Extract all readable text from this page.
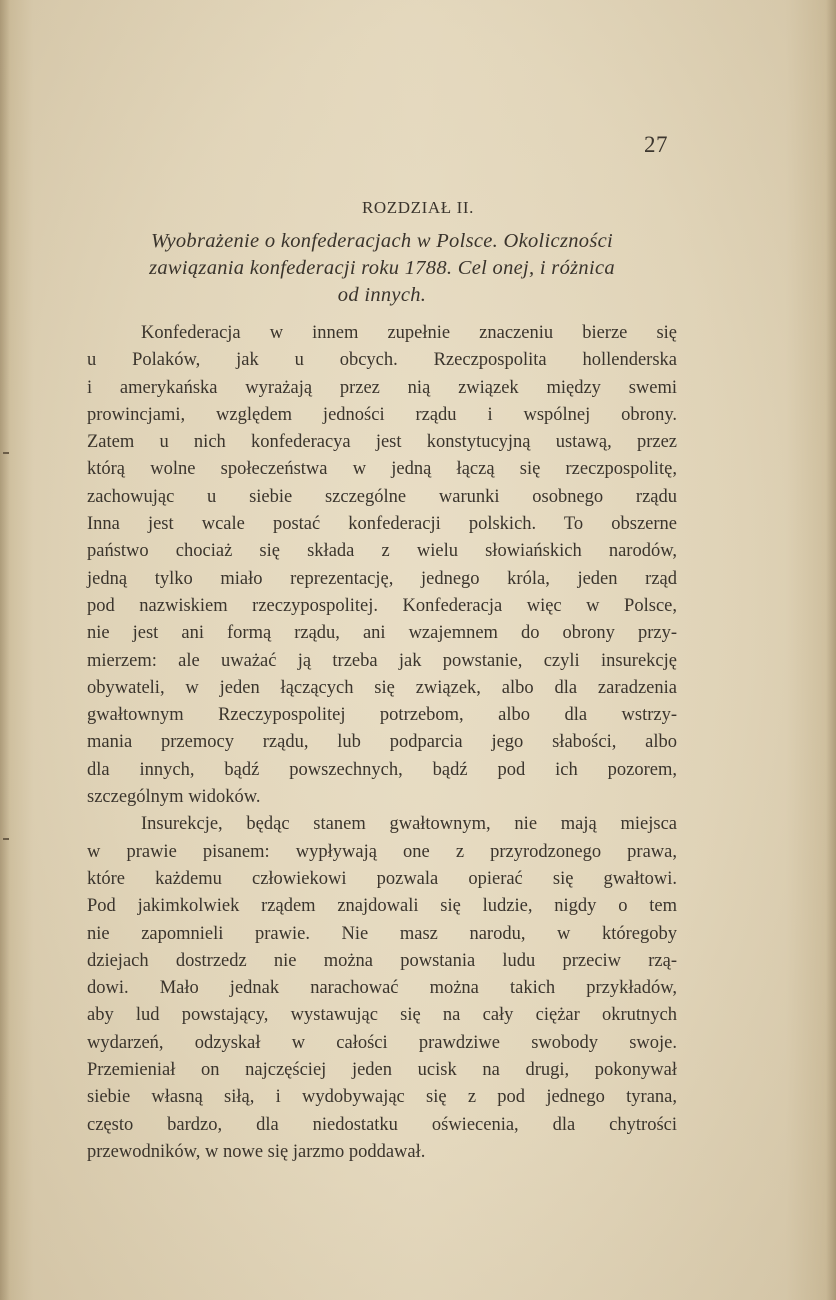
27
ROZDZIAŁ II.
Wyobrażenie o konfederacjach w Polsce. Okoliczności
zawiązania konfederacji roku 1788. Cel onej, i różnica
od innych.
Konfederacja w innem zupełnie znaczeniu bierze się
u Polaków, jak u obcych. Rzeczpospolita hollenderska
i amerykańska wyrażają przez nią związek między swemi
prowincjami, względem jedności rządu i wspólnej obrony.
Zatem u nich konfederacya jest konstytucyjną ustawą, przez
którą wolne społeczeństwa w jedną łączą się rzeczpospolitę,
zachowując u siebie szczególne warunki osobnego rządu
Inna jest wcale postać konfederacji polskich. To obszerne
państwo chociaż się składa z wielu słowiańskich narodów,
jedną tylko miało reprezentację, jednego króla, jeden rząd
pod nazwiskiem rzeczypospolitej. Konfederacja więc w Polsce,
nie jest ani formą rządu, ani wzajemnem do obrony przy-
mierzem: ale uważać ją trzeba jak powstanie, czyli insurekcję
obywateli, w jeden łączących się związek, albo dla zaradzenia
gwałtownym Rzeczypospolitej potrzebom, albo dla wstrzy-
mania przemocy rządu, lub podparcia jego słabości, albo
dla innych, bądź powszechnych, bądź pod ich pozorem,
szczególnym widoków.
Insurekcje, będąc stanem gwałtownym, nie mają miejsca
w prawie pisanem: wypływają one z przyrodzonego prawa,
które każdemu człowiekowi pozwala opierać się gwałtowi.
Pod jakimkolwiek rządem znajdowali się ludzie, nigdy o tem
nie zapomnieli prawie. Nie masz narodu, w któregoby
dziejach dostrzedz nie można powstania ludu przeciw rzą-
dowi. Mało jednak narachować można takich przykładów,
aby lud powstający, wystawując się na cały ciężar okrutnych
wydarzeń, odzyskał w całości prawdziwe swobody swoje.
Przemieniał on najczęściej jeden ucisk na drugi, pokonywał
siebie własną siłą, i wydobywając się z pod jednego tyrana,
często bardzo, dla niedostatku oświecenia, dla chytrości
przewodników, w nowe się jarzmo poddawał.
